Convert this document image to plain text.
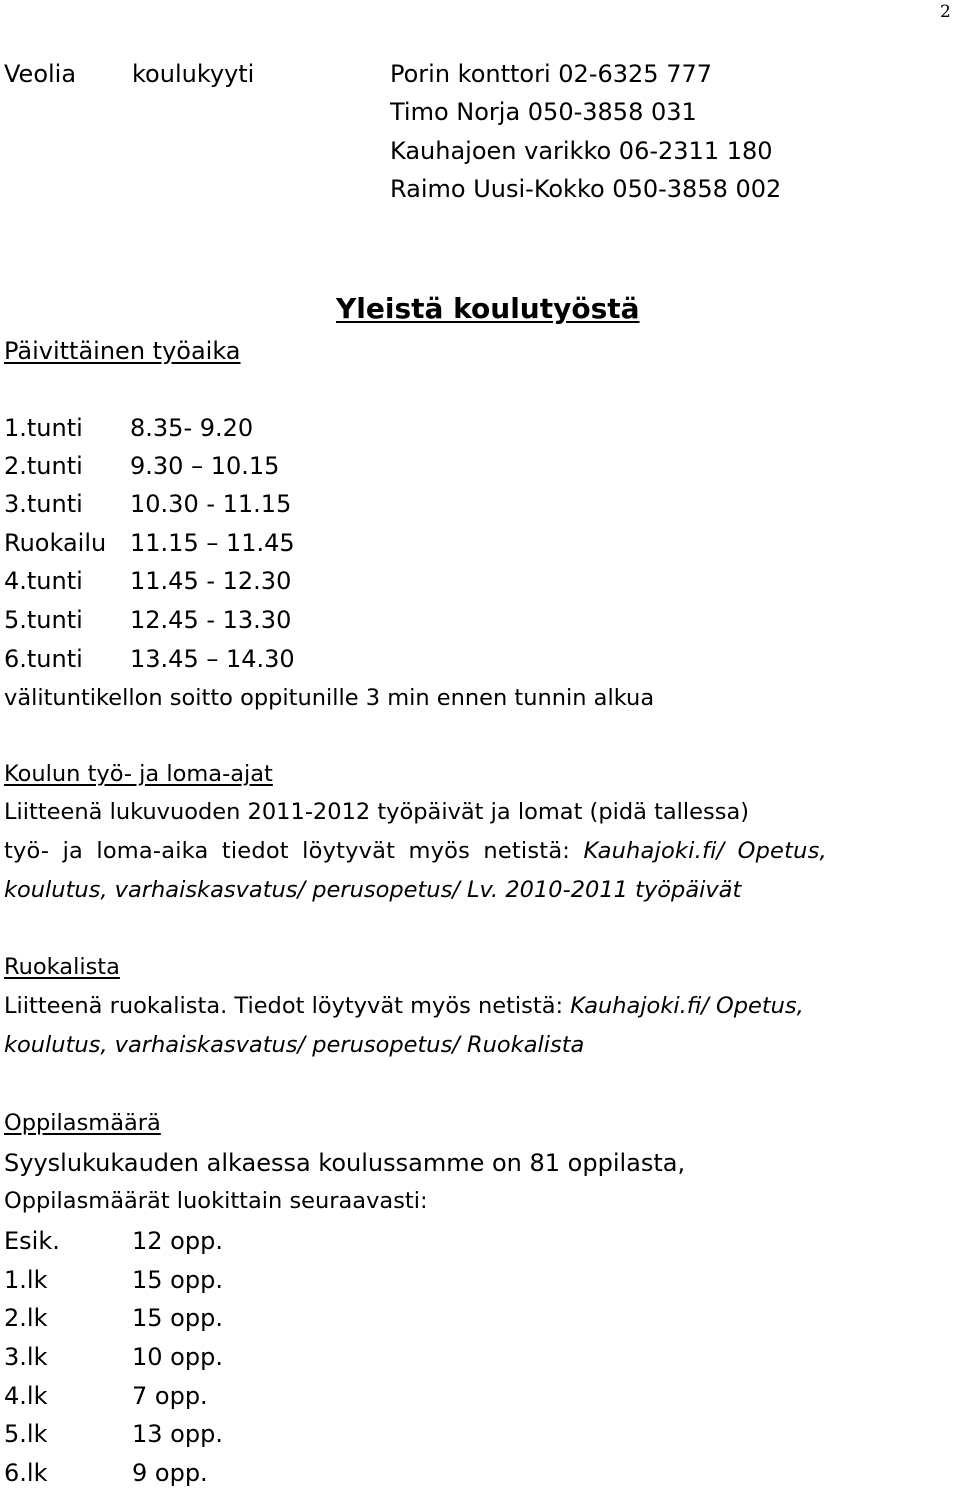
2
Veolia koulukyyti	Porin konttori 02-6325 777
Timo Norja 050-3858 031
Kauhajoen varikko 06-2311 180
Raimo Uusi-Kokko 050-3858 002
Yleistä koulutyöstä
Päivittäinen työaika
1.tunti 8.35- 9.20
2.tunti 9.30 – 10.15
3.tunti 10.30 - 11.15
Ruokailu 11.15 – 11.45
4.tunti 11.45 - 12.30
5.tunti 12.45 - 13.30
6.tunti 13.45 – 14.30
välituntikellon soitto oppitunille 3 min ennen tunnin alkua
Koulun työ- ja loma-ajat
Liitteenä lukuvuoden 2011-2012 työpäivät ja lomat (pidä tallessa)
työ- ja loma-aika tiedot löytyvät myös netistä: Kauhajoki.fi/ Opetus,
koulutus, varhaiskasvatus/ perusopetus/ Lv. 2010-2011 työpäivät
Ruokalista
Liitteenä ruokalista. Tiedot löytyvät myös netistä: Kauhajoki.fi/ Opetus,
koulutus, varhaiskasvatus/ perusopetus/ Ruokalista
Oppilasmäärä
Syyslukukauden alkaessa koulussamme on 81 oppilasta,
Oppilasmäärät luokittain seuraavasti:
Esik.	12 opp.
1.lk	15 opp.
2.lk	15 opp.
3.lk	10 opp.
4.lk	7 opp.
5.lk	13 opp.
6.lk	9 opp.
